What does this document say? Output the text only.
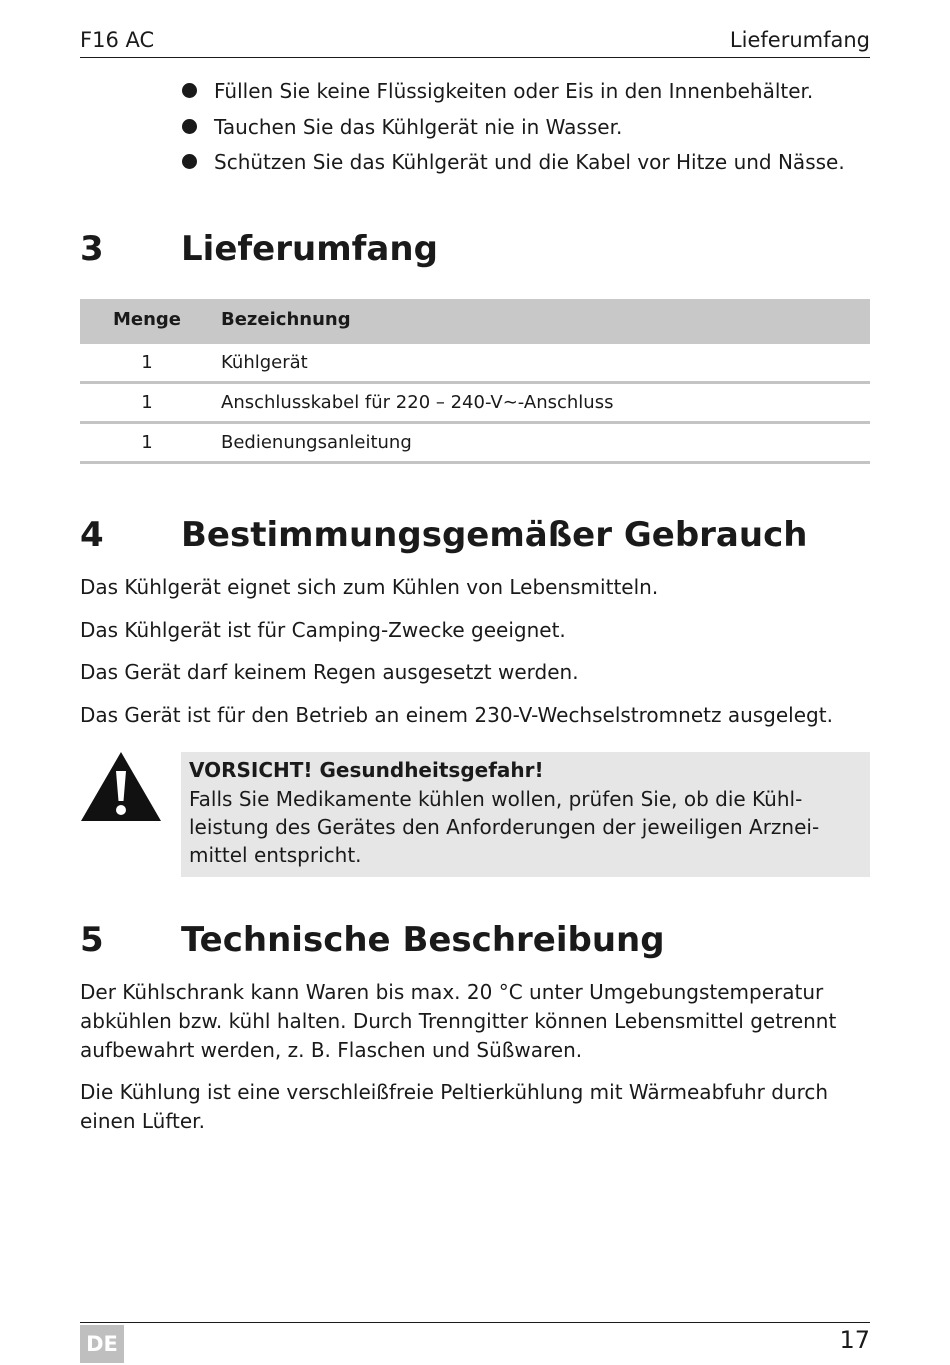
F16 AC	Lieferumfang
Füllen Sie keine Flüssigkeiten oder Eis in den Innenbehälter.
Tauchen Sie das Kühlgerät nie in Wasser.
Schützen Sie das Kühlgerät und die Kabel vor Hitze und Nässe.
3 Lieferumfang
Menge	Bezeichnung
1	Kühlgerät
1	Anschlusskabel für 220 – 240-V∼-Anschluss
1	Bedienungsanleitung
4 Bestimmungsgemäßer Gebrauch
Das Kühlgerät eignet sich zum Kühlen von Lebensmitteln.
Das Kühlgerät ist für Camping-Zwecke geeignet.
Das Gerät darf keinem Regen ausgesetzt werden.
Das Gerät ist für den Betrieb an einem 230-V-Wechselstromnetz ausgelegt.
VORSICHT! Gesundheitsgefahr!
Falls Sie Medikamente kühlen wollen, prüfen Sie, ob die Kühl-
leistung des Gerätes den Anforderungen der jeweiligen Arznei-
mittel entspricht.
5 Technische Beschreibung
Der Kühlschrank kann Waren bis max. 20 °C unter Umgebungstemperatur
abkühlen bzw. kühl halten. Durch Trenngitter können Lebensmittel getrennt
aufbewahrt werden, z. B. Flaschen und Süßwaren.
Die Kühlung ist eine verschleißfreie Peltierkühlung mit Wärmeabfuhr durch
einen Lüfter.
DE	17
